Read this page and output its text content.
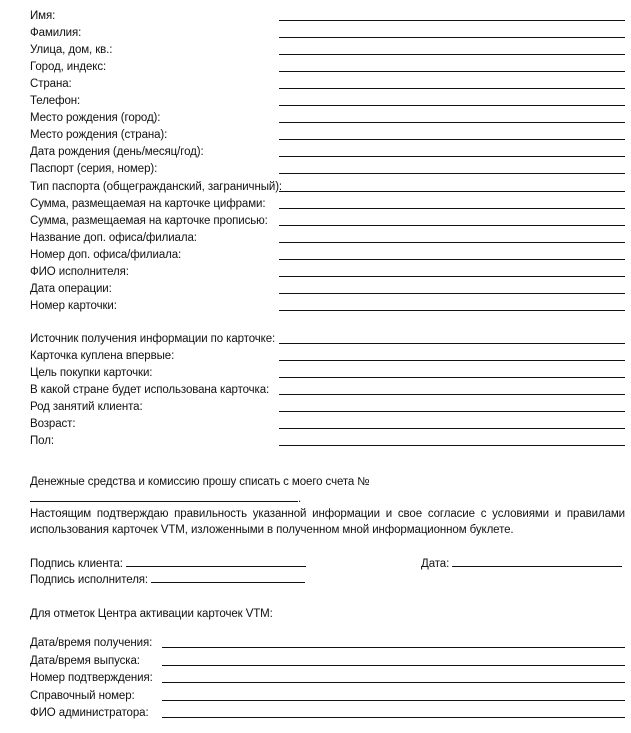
Имя:
Фамилия:
Улица, дом, кв.:
Город, индекс:
Страна:
Телефон:
Место рождения (город):
Место рождения (страна):
Дата рождения (день/месяц/год):
Паспорт (серия, номер):
Тип паспорта (общегражданский, заграничный):
Сумма, размещаемая на карточке цифрами:
Сумма, размещаемая на карточке прописью:
Название доп. офиса/филиала:
Номер доп. офиса/филиала:
ФИО исполнителя:
Дата операции:
Номер карточки:
Источник получения информации по карточке:
Карточка куплена впервые:
Цель покупки карточки:
В какой стране будет использована карточка:
Род занятий клиента:
Возраст:
Пол:
Денежные средства и комиссию прошу списать с моего счета № .
Настоящим подтверждаю правильность указанной информации и свое согласие с условиями и правилами использования карточек VTM, изложенными в полученном мной информационном буклете.
Подпись клиента:	Дата:
Подпись исполнителя:
Для отметок Центра активации карточек VTM:
Дата/время получения:
Дата/время выпуска:
Номер подтверждения:
Справочный номер:
ФИО администратора:
